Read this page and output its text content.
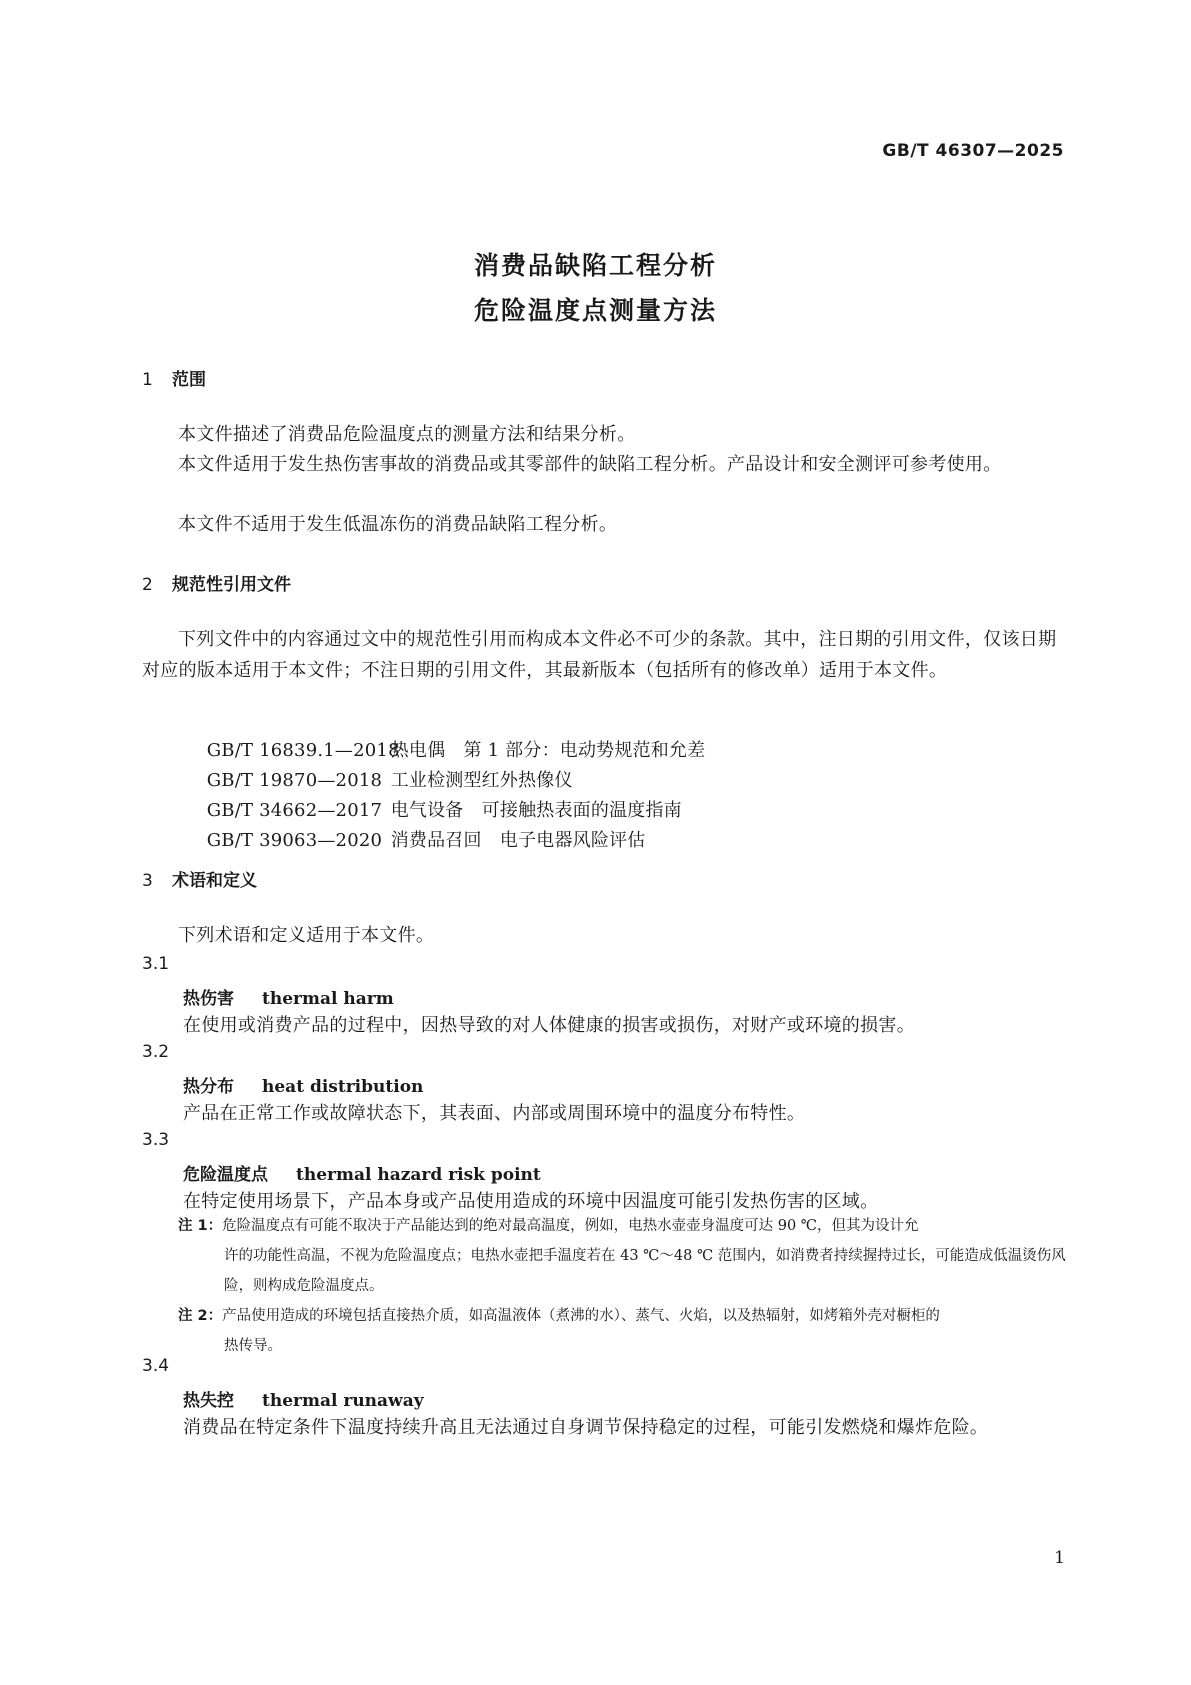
GB/T 46307—2025
消费品缺陷工程分析
危险温度点测量方法
1 范围
本文件描述了消费品危险温度点的测量方法和结果分析。
本文件适用于发生热伤害事故的消费品或其零部件的缺陷工程分析。产品设计和安全测评可参考使用。
本文件不适用于发生低温冻伤的消费品缺陷工程分析。
2 规范性引用文件
下列文件中的内容通过文中的规范性引用而构成本文件必不可少的条款。其中，注日期的引用文件，仅该日期对应的版本适用于本文件；不注日期的引用文件，其最新版本（包括所有的修改单）适用于本文件。

GB/T 16839.1—2018热电偶　第 1 部分：电动势规范和允差

GB/T 19870—2018 工业检测型红外热像仪

GB/T 34662—2017 电气设备　可接触热表面的温度指南

GB/T 39063—2020 消费品召回　电子电器风险评估

3 术语和定义
下列术语和定义适用于本文件。
3.1
热伤害 thermal harm
在使用或消费产品的过程中，因热导致的对人体健康的损害或损伤，对财产或环境的损害。
3.2
热分布 heat distribution
产品在正常工作或故障状态下，其表面、内部或周围环境中的温度分布特性。
3.3
危险温度点 thermal hazard risk point
在特定使用场景下，产品本身或产品使用造成的环境中因温度可能引发热伤害的区域。
注 1：危险温度点有可能不取决于产品能达到的绝对最高温度，例如，电热水壶壶身温度可达 90 ℃，但其为设计允
许的功能性高温，不视为危险温度点；电热水壶把手温度若在 43 ℃～48 ℃ 范围内，如消费者持续握持过长，可能造成低温烫伤风险，则构成危险温度点。
注 2：产品使用造成的环境包括直接热介质，如高温液体（煮沸的水）、蒸气、火焰，以及热辐射，如烤箱外壳对橱柜的
热传导。
3.4
热失控 thermal runaway
消费品在特定条件下温度持续升高且无法通过自身调节保持稳定的过程，可能引发燃烧和爆炸危险。
1
